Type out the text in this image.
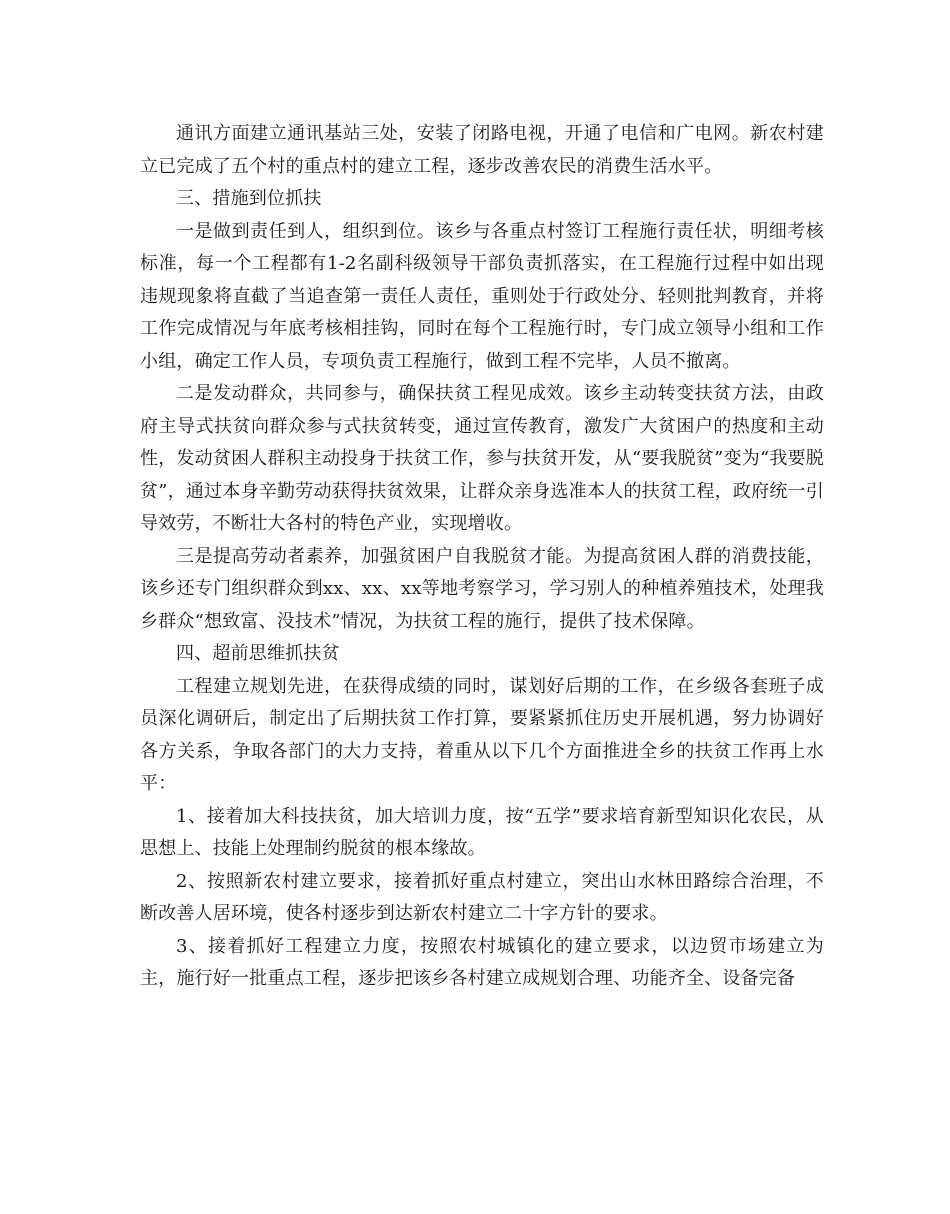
通讯方面建立通讯基站三处，安装了闭路电视，开通了电信和广电网。新农村建立已完成了五个村的重点村的建立工程，逐步改善农民的消费生活水平。

三、措施到位抓扶

一是做到责任到人，组织到位。该乡与各重点村签订工程施行责任状，明细考核标准，每一个工程都有1-2名副科级领导干部负责抓落实，在工程施行过程中如出现违规现象将直截了当追查第一责任人责任，重则处于行政处分、轻则批判教育，并将工作完成情况与年底考核相挂钩，同时在每个工程施行时，专门成立领导小组和工作小组，确定工作人员，专项负责工程施行，做到工程不完毕，人员不撤离。

二是发动群众，共同参与，确保扶贫工程见成效。该乡主动转变扶贫方法，由政府主导式扶贫向群众参与式扶贫转变，通过宣传教育，激发广大贫困户的热度和主动性，发动贫困人群积主动投身于扶贫工作，参与扶贫开发，从“要我脱贫”变为“我要脱贫”，通过本身辛勤劳动获得扶贫效果，让群众亲身选准本人的扶贫工程，政府统一引导效劳，不断壮大各村的特色产业，实现增收。

三是提高劳动者素养，加强贫困户自我脱贫才能。为提高贫困人群的消费技能，该乡还专门组织群众到xx、xx、xx等地考察学习，学习别人的种植养殖技术，处理我乡群众“想致富、没技术”情况，为扶贫工程的施行，提供了技术保障。

四、超前思维抓扶贫

工程建立规划先进，在获得成绩的同时，谋划好后期的工作，在乡级各套班子成员深化调研后，制定出了后期扶贫工作打算，要紧紧抓住历史开展机遇，努力协调好各方关系，争取各部门的大力支持，着重从以下几个方面推进全乡的扶贫工作再上水平：

1、接着加大科技扶贫，加大培训力度，按“五学”要求培育新型知识化农民，从思想上、技能上处理制约脱贫的根本缘故。

2、按照新农村建立要求，接着抓好重点村建立，突出山水林田路综合治理，不断改善人居环境，使各村逐步到达新农村建立二十字方针的要求。

3、接着抓好工程建立力度，按照农村城镇化的建立要求，以边贸市场建立为主，施行好一批重点工程，逐步把该乡各村建立成规划合理、功能齐全、设备完备
